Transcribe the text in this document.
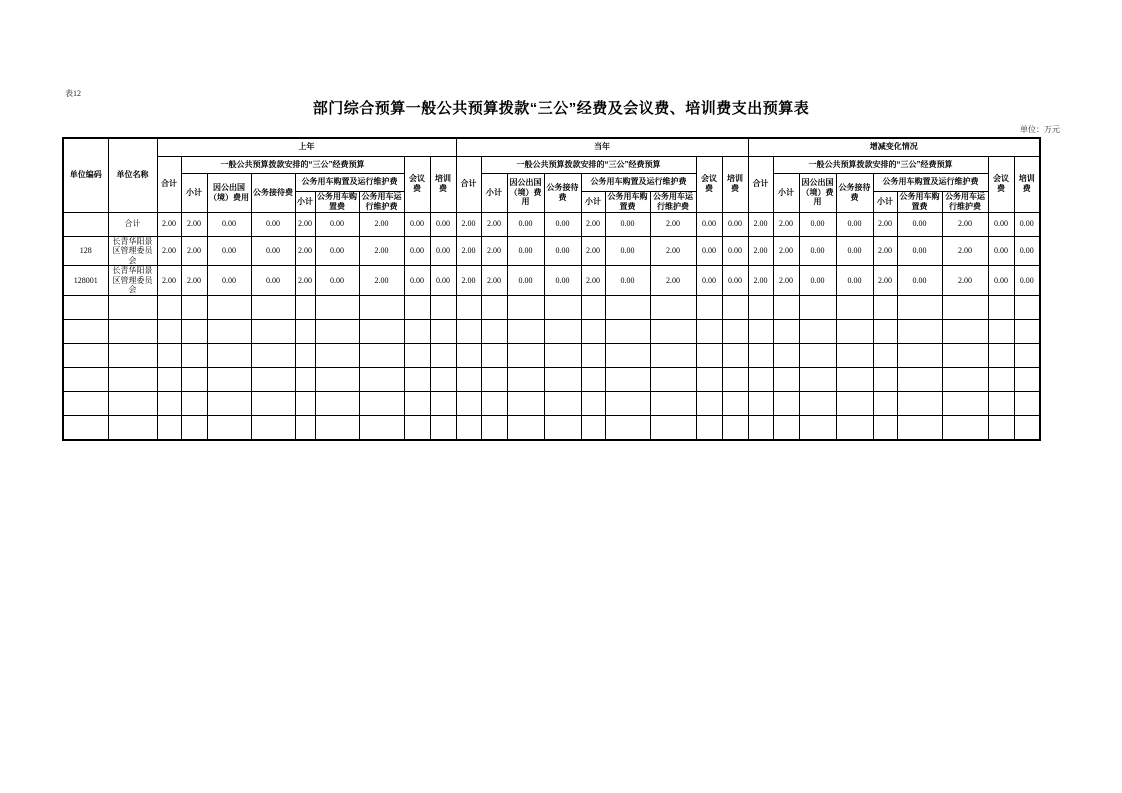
表12
部门综合预算一般公共预算拨款“三公”经费及会议费、培训费支出预算表
单位：万元
单位编码	单位名称	上年									当年									增减变化情况								
		合计	一般公共预算拨款安排的“三公”经费预算						会议费	培训费	合计	一般公共预算拨款安排的“三公”经费预算						会议费	培训费	合计	一般公共预算拨款安排的“三公”经费预算						会议费	培训费
			小计	因公出国（境）费用	公务接待费	公务用车购置及运行维护费						小计	因公出国（境）费用	公务接待费	公务用车购置及运行维护费						小计	因公出国（境）费用	公务接待费	公务用车购置及运行维护费				
						小计	公务用车购置费	公务用车运行维护费							小计	公务用车购置费	公务用车运行维护费							小计	公务用车购置费	公务用车运行维护费		
	合计	2.00	2.00	0.00	0.00	2.00	0.00	2.00	0.00	0.00	2.00	2.00	0.00	0.00	2.00	0.00	2.00	0.00	0.00	2.00	2.00	0.00	0.00	2.00	0.00	2.00	0.00	0.00
128	长青华阳景区管理委员会	2.00	2.00	0.00	0.00	2.00	0.00	2.00	0.00	0.00	2.00	2.00	0.00	0.00	2.00	0.00	2.00	0.00	0.00	2.00	2.00	0.00	0.00	2.00	0.00	2.00	0.00	0.00
128001	长青华阳景区管理委员会	2.00	2.00	0.00	0.00	2.00	0.00	2.00	0.00	0.00	2.00	2.00	0.00	0.00	2.00	0.00	2.00	0.00	0.00	2.00	2.00	0.00	0.00	2.00	0.00	2.00	0.00	0.00
